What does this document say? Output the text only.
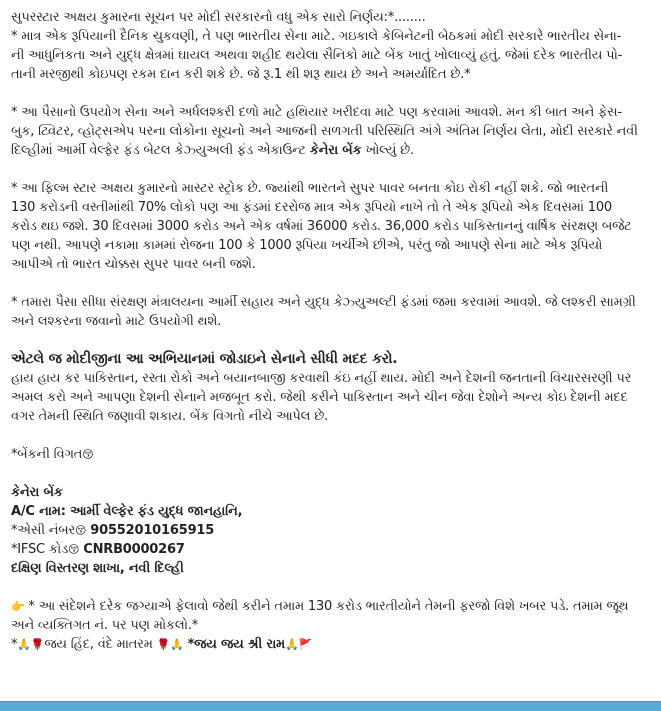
સુપરસ્ટાર અક્ષય કુમારના સૂચન પર મોદી સરકારનો વધુ એક સારો નિર્ણય:*........
* માત્ર એક રૂપિયાની દૈનિક ચુકવણી, તે પણ ભારતીય સેના માટે. ગઇકાલે કેબિનેટની બેઠકમાં મોદી સરકારે ભારતીય સેના-
ની આધુનિકતા અને યુદ્ધ ક્ષેત્રમાં ઘાયલ અથવા શહીદ થયેલા સૈનિકો માટે બેંક ખાતું ખોલાવ્યું હતું. જેમાં દરેક ભારતીય પો-
તાની મરજીથી કોઇપણ રકમ દાન કરી શકે છે. જે રૂ.1 થી શરૂ થાય છે અને અમર્યાદિત છે.*
* આ પૈસાનો ઉપયોગ સેના અને અર્ધલશ્કરી દળો માટે હથિયાર ખરીદવા માટે પણ કરવામાં આવશે. મન કી બાત અને ફેસ-
બુક, ટ્વિટર, વ્હોટ્સએપ પરના લોકોના સૂચનો અને આજની સળગતી પરિસ્થિતિ અંગે અંતિમ નિર્ણય લેતા, મોદી સરકારે નવી
દિલ્હીમાં આર્મી વેલ્ફેર ફંડ બેટલ કેઝ્યુઅલી ફંડ એકાઉન્ટ કેનેરા બેંક ખોલ્યું છે.
* આ ફિલ્મ સ્ટાર અક્ષય કુમારનો માસ્ટર સ્ટ્રોક છે. જ્યાંથી ભારતને સુપર પાવર બનતા કોઇ રોકી નહીં શકે. જો ભારતની
130 કરોડની વસ્તીમાંથી 70% લોકો પણ આ ફંડમાં દરરોજ માત્ર એક રૂપિયો નાખે તો તે એક રૂપિયો એક દિવસમાં 100
કરોડ થઇ જશે. 30 દિવસમાં 3000 કરોડ અને એક વર્ષમાં 36000 કરોડ. 36,000 કરોડ પાકિસ્તાનનું વાર્ષિક સંરક્ષણ બજેટ
પણ નથી. આપણે નકામા કામમાં રોજના 100 કે 1000 રૂપિયા ખર્ચીએ છીએ, પરંતુ જો આપણે સેના માટે એક રૂપિયો
આપીએ તો ભારત ચોક્કસ સુપર પાવર બની જશે.
* તમારા પૈસા સીધા સંરક્ષણ મંત્રાલયના આર્મી સહાય અને યુદ્ધ કેઝ્યુઅલ્ટી ફંડમાં જમા કરવામાં આવશે. જે લશ્કરી સામગ્રી
અને લશ્કરના જવાનો માટે ઉપયોગી થશે.
એટલે જ મોદીજીના આ અભિયાનમાં જોડાઇને સેનાને સીધી મદદ કરો.
હાય હાય કર પાકિસ્તાન, રસ્તા રોકો અને બયાનબાજી કરવાથી કંઇ નહીં થાય. મોદી અને દેશની જનતાની વિચારસરણી પર
અમલ કરો અને આપણા દેશની સેનાને મજબૂત કરો. જેથી કરીને પાકિસ્તાન અને ચીન જેવા દેશોને અન્ય કોઇ દેશની મદદ
વગર તેમની સ્થિતિ જણાવી શકાય. બેંક વિગતો નીચે આપેલ છે.
*બેંકની વિગત😚
કેનેરા બેંક
A/C નામ: આર્મી વેલ્ફેર ફંડ યુદ્ધ જાનહાનિ,
*એસી નંબર😚 90552010165915
*IFSC કોડ😚 CNRB0000267
દક્ષિણ વિસ્તરણ શાખા, નવી દિલ્હી
👉 * આ સંદેશને દરેક જગ્યાએ ફેલાવો જેથી કરીને તમામ 130 કરોડ ભારતીયોને તેમની ફરજો વિશે ખબર પડે. તમામ જૂથ
અને વ્યક્તિગત નં. પર પણ મોકલો.*
*🙏🌹જય હિંદ, વંદે માતરમ 🌹🙏 *જય જય શ્રી રામ🙏🚩
